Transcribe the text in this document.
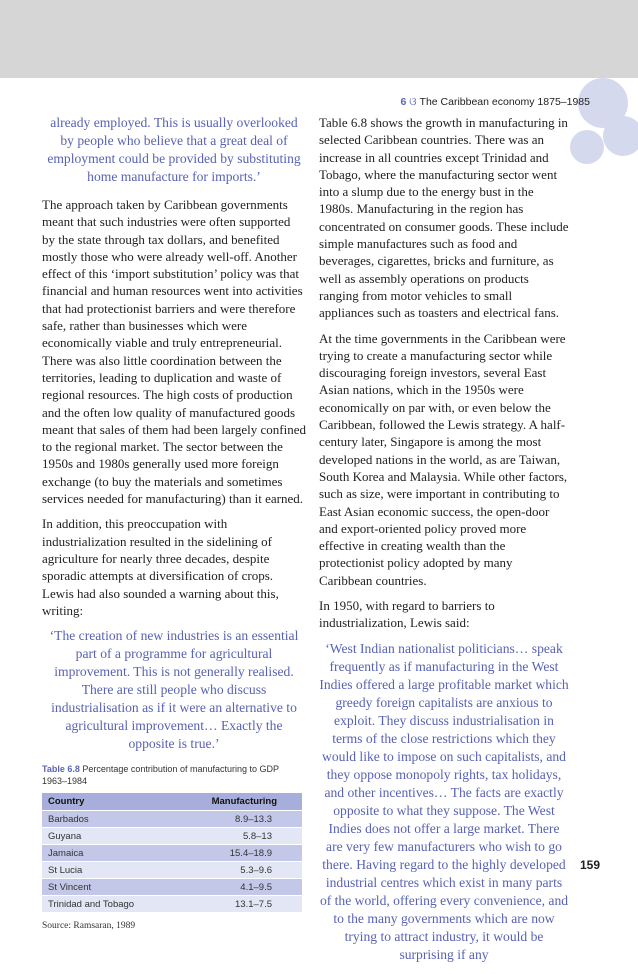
6 ଓ The Caribbean economy 1875–1985

already employed. This is usually overlooked by people who believe that a great deal of employment could be provided by substituting home manufacture for imports.’

The approach taken by Caribbean governments meant that such industries were often supported by the state through tax dollars, and benefited mostly those who were already well-off. Another effect of this ‘import substitution’ policy was that financial and human resources went into activities that had protectionist barriers and were therefore safe, rather than businesses which were economically viable and truly entrepreneurial. There was also little coordination between the territories, leading to duplication and waste of regional resources. The high costs of production and the often low quality of manufactured goods meant that sales of them had been largely confined to the regional market. The sector between the 1950s and 1980s generally used more foreign exchange (to buy the materials and sometimes services needed for manufacturing) than it earned.

In addition, this preoccupation with industrialization resulted in the sidelining of agriculture for nearly three decades, despite sporadic attempts at diversification of crops. Lewis had also sounded a warning about this, writing:

‘The creation of new industries is an essential part of a programme for agricultural improvement. This is not generally realised. There are still people who discuss industrialisation as if it were an alternative to agricultural improvement… Exactly the opposite is true.’

Table 6.8 Percentage contribution of manufacturing to GDP 1963–1984
Country	Manufacturing
Barbados	8.9–13.3
Guyana	5.8–13
Jamaica	15.4–18.9
St Lucia	5.3–9.6
St Vincent	4.1–9.5
Trinidad and Tobago	13.1–7.5
Source: Ramsaran, 1989

Table 6.8 shows the growth in manufacturing in selected Caribbean countries. There was an increase in all countries except Trinidad and Tobago, where the manufacturing sector went into a slump due to the energy bust in the 1980s. Manufacturing in the region has concentrated on consumer goods. These include simple manufactures such as food and beverages, cigarettes, bricks and furniture, as well as assembly operations on products ranging from motor vehicles to small appliances such as toasters and electrical fans.

At the time governments in the Caribbean were trying to create a manufacturing sector while discouraging foreign investors, several East Asian nations, which in the 1950s were economically on par with, or even below the Caribbean, followed the Lewis strategy. A half-century later, Singapore is among the most developed nations in the world, as are Taiwan, South Korea and Malaysia. While other factors, such as size, were important in contributing to East Asian economic success, the open-door and export-oriented policy proved more effective in creating wealth than the protectionist policy adopted by many Caribbean countries.

In 1950, with regard to barriers to industrialization, Lewis said:

‘West Indian nationalist politicians… speak frequently as if manufacturing in the West Indies offered a large profitable market which greedy foreign capitalists are anxious to exploit. They discuss industrialisation in terms of the close restrictions which they would like to impose on such capitalists, and they oppose monopoly rights, tax holidays, and other incentives… The facts are exactly opposite to what they suppose. The West Indies does not offer a large market. There are very few manufacturers who wish to go there. Having regard to the highly developed industrial centres which exist in many parts of the world, offering every convenience, and to the many governments which are now trying to attract industry, it would be surprising if any

159
